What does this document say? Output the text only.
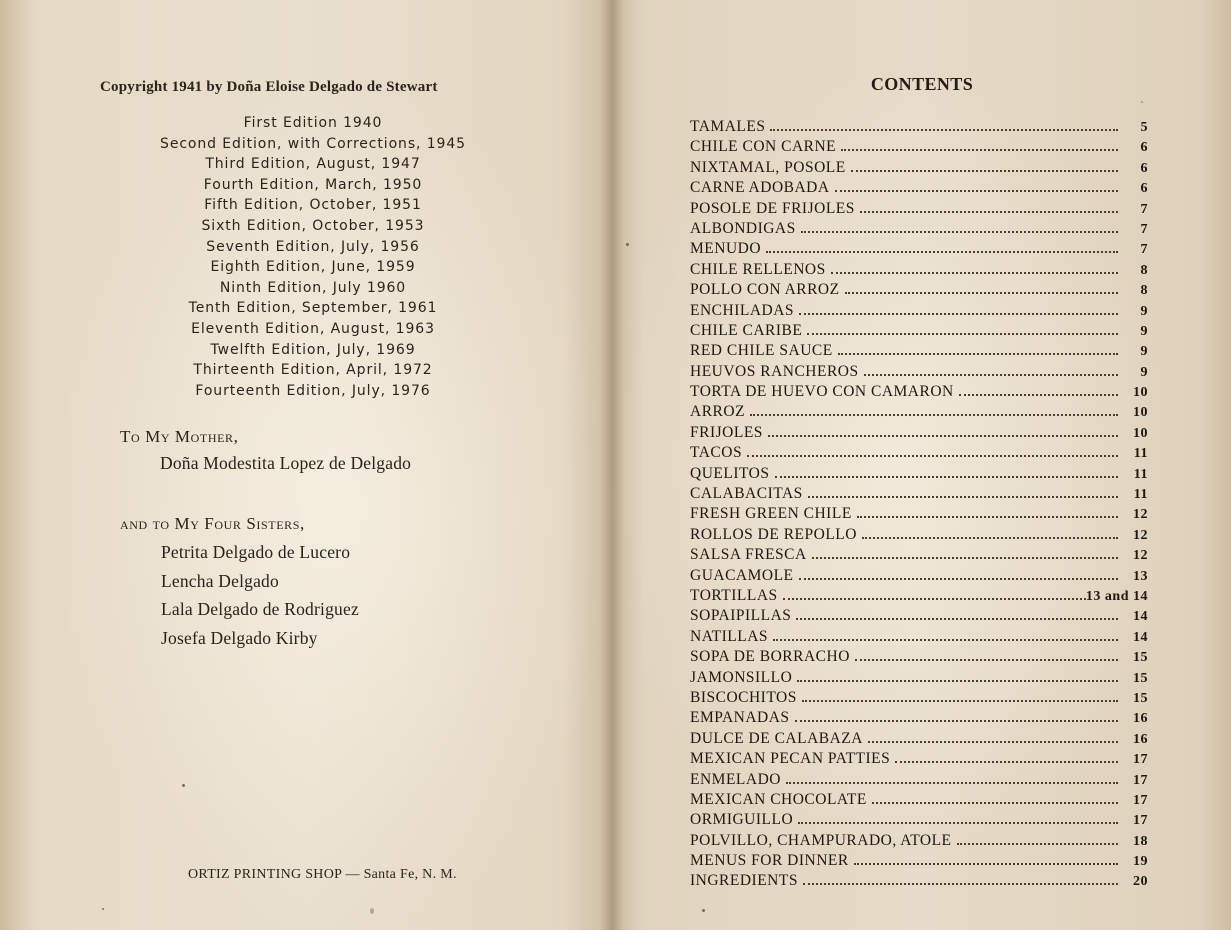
Copyright 1941 by Doña Eloise Delgado de Stewart
First Edition 1940
Second Edition, with Corrections, 1945
Third Edition, August, 1947
Fourth Edition, March, 1950
Fifth Edition, October, 1951
Sixth Edition, October, 1953
Seventh Edition, July, 1956
Eighth Edition, June, 1959
Ninth Edition, July 1960
Tenth Edition, September, 1961
Eleventh Edition, August, 1963
Twelfth Edition, July, 1969
Thirteenth Edition, April, 1972
Fourteenth Edition, July, 1976
To My Mother,
Doña Modestita Lopez de Delgado
and to My Four Sisters,
Petrita Delgado de Lucero
Lencha Delgado
Lala Delgado de Rodriguez
Josefa Delgado Kirby
ORTIZ PRINTING SHOP — Santa Fe, N. M.
CONTENTS
TAMALES	5
CHILE CON CARNE	6
NIXTAMAL, POSOLE	6
CARNE ADOBADA	6
POSOLE DE FRIJOLES	7
ALBONDIGAS	7
MENUDO	7
CHILE RELLENOS	8
POLLO CON ARROZ	8
ENCHILADAS	9
CHILE CARIBE	9
RED CHILE SAUCE	9
HEUVOS RANCHEROS	9
TORTA DE HUEVO CON CAMARON	10
ARROZ	10
FRIJOLES	10
TACOS	11
QUELITOS	11
CALABACITAS	11
FRESH GREEN CHILE	12
ROLLOS DE REPOLLO	12
SALSA FRESCA	12
GUACAMOLE	13
TORTILLAS	13 and 14
SOPAIPILLAS	14
NATILLAS	14
SOPA DE BORRACHO	15
JAMONSILLO	15
BISCOCHITOS	15
EMPANADAS	16
DULCE DE CALABAZA	16
MEXICAN PECAN PATTIES	17
ENMELADO	17
MEXICAN CHOCOLATE	17
ORMIGUILLO	17
POLVILLO, CHAMPURADO, ATOLE	18
MENUS FOR DINNER	19
INGREDIENTS	20
